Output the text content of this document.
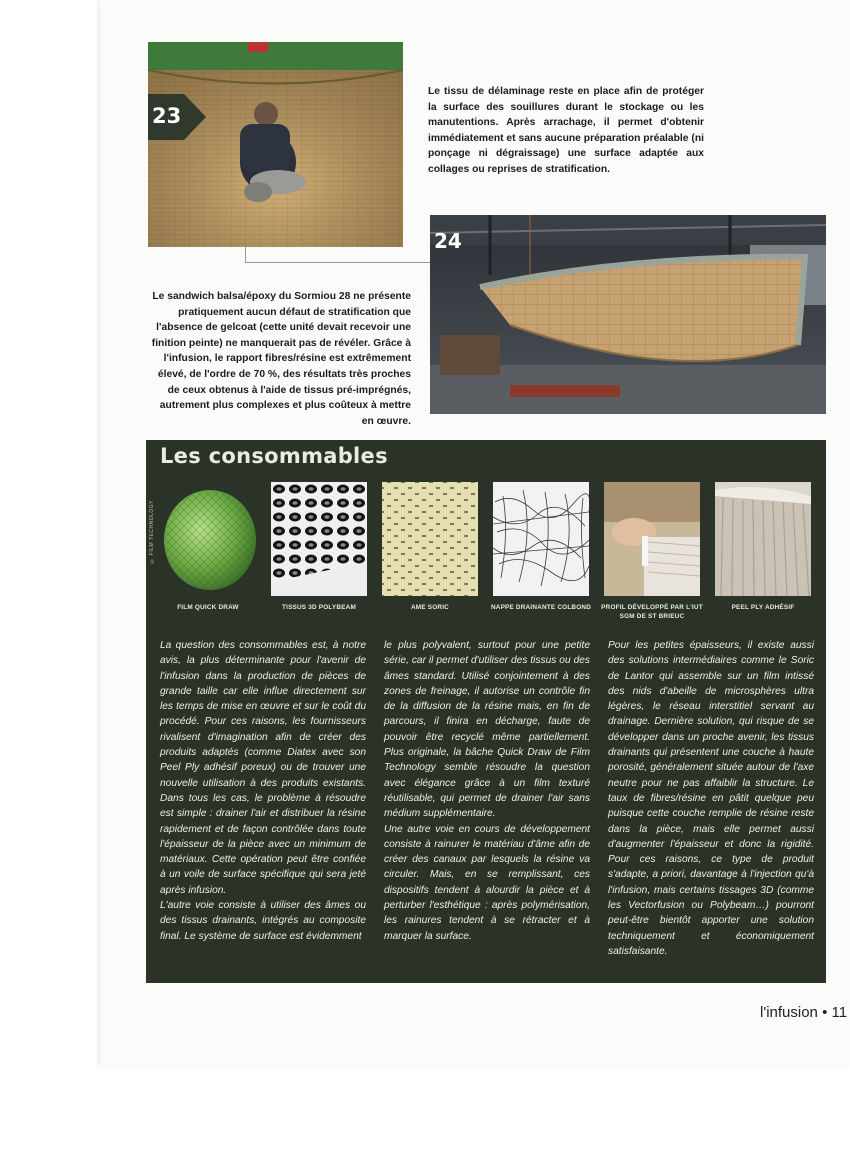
23

Le tissu de délaminage reste en place afin de protéger la surface des souillures durant le stockage ou les manutentions. Après arrachage, il permet d'obtenir immédiatement et sans aucune préparation préalable (ni ponçage ni dégraissage) une surface adaptée aux collages ou reprises de stratification.

24

Le sandwich balsa/époxy du Sormiou 28 ne présente pratiquement aucun défaut de stratification que l'absence de gelcoat (cette unité devait recevoir une finition peinte) ne manquerait pas de révéler. Grâce à l'infusion, le rapport fibres/résine est extrêmement élevé, de l'ordre de 70 %, des résultats très proches de ceux obtenus à l'aide de tissus pré-imprégnés, autrement plus complexes et plus coûteux à mettre en œuvre.

Les consommables
© FILM TECHNOLOGY
FILM QUICK DRAW	TISSUS 3D POLYBEAM	AME SORIC	NAPPE DRAINANTE COLBOND	PROFIL DÉVELOPPÉ PAR L'IUT SGM DE ST BRIEUC
PEEL PLY ADHÉSIF

La question des consommables est, à notre avis, la plus déterminante pour l'avenir de l'infusion dans la production de pièces de grande taille car elle influe directement sur les temps de mise en œuvre et sur le coût du procédé. Pour ces raisons, les fournisseurs rivalisent d'imagination afin de créer des produits adaptés (comme Diatex avec son Peel Ply adhésif poreux) ou de trouver une nouvelle utilisation à des produits existants. Dans tous les cas, le problème à résoudre est simple : drainer l'air et distribuer la résine rapidement et de façon contrôlée dans toute l'épaisseur de la pièce avec un minimum de matériaux. Cette opération peut être confiée à un voile de surface spécifique qui sera jeté après infusion.

L'autre voie consiste à utiliser des âmes ou des tissus drainants, intégrés au composite final. Le système de surface est évidemment

le plus polyvalent, surtout pour une petite série, car il permet d'utiliser des tissus ou des âmes standard. Utilisé conjointement à des zones de freinage, il autorise un contrôle fin de la diffusion de la résine mais, en fin de parcours, il finira en décharge, faute de pouvoir être recyclé même partiellement. Plus originale, la bâche Quick Draw de Film Technology semble résoudre la question avec élégance grâce à un film texturé réutilisable, qui permet de drainer l'air sans médium supplémentaire.

Une autre voie en cours de développement consiste à rainurer le matériau d'âme afin de créer des canaux par lesquels la résine va circuler. Mais, en se remplissant, ces dispositifs tendent à alourdir la pièce et à perturber l'esthétique : après polymérisation, les rainures tendent à se rétracter et à marquer la surface.

Pour les petites épaisseurs, il existe aussi des solutions intermédiaires comme le Soric de Lantor qui assemble sur un film intissé des nids d'abeille de microsphères ultra légères, le réseau interstitiel servant au drainage. Dernière solution, qui risque de se développer dans un proche avenir, les tissus drainants qui présentent une couche à haute porosité, généralement située autour de l'axe neutre pour ne pas affaiblir la structure. Le taux de fibres/résine en pâtit quelque peu puisque cette couche remplie de résine reste dans la pièce, mais elle permet aussi d'augmenter l'épaisseur et donc la rigidité. Pour ces raisons, ce type de produit s'adapte, a priori, davantage à l'injection qu'à l'infusion, mais certains tissages 3D (comme les Vectorfusion ou Polybeam…) pourront peut-être bientôt apporter une solution techniquement et économiquement satisfaisante.

l'infusion • 11
